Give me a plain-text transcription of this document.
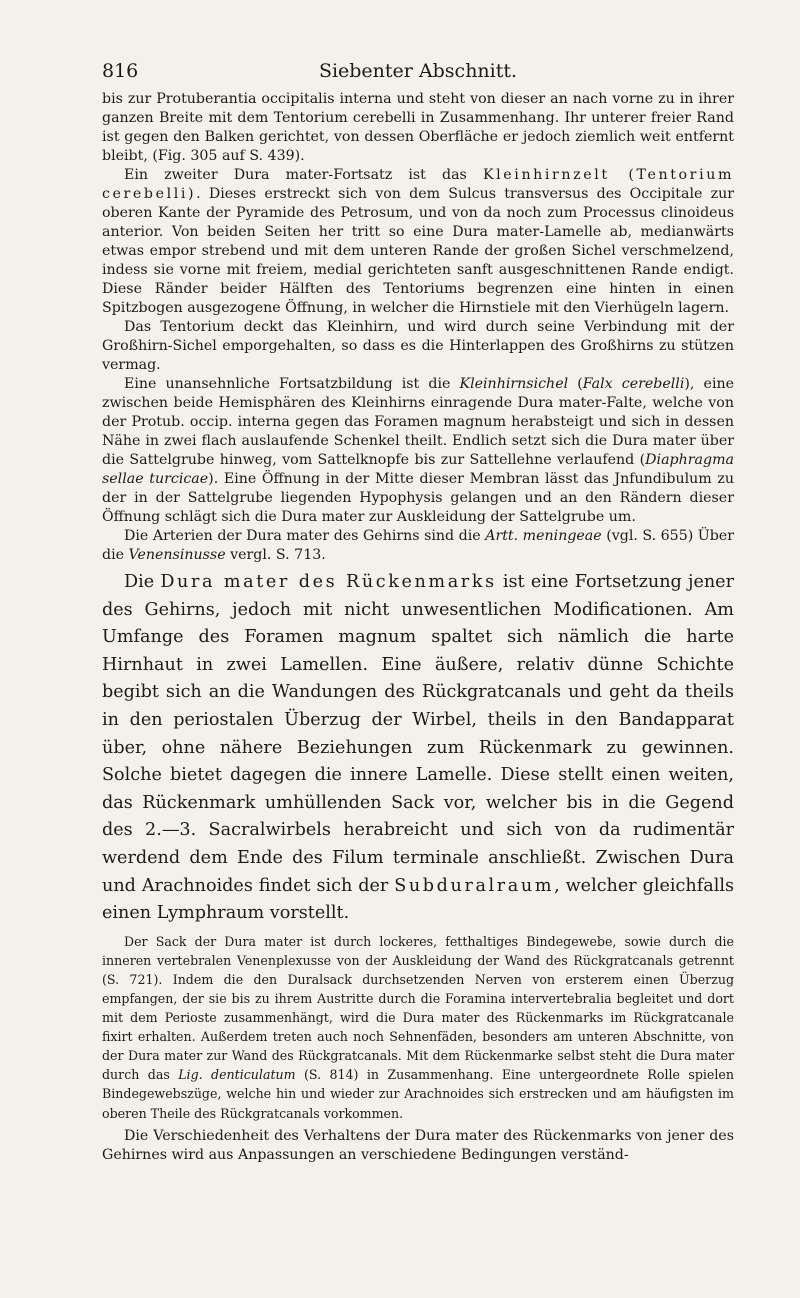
816	Siebenter Abschnitt.

bis zur Protuberantia occipitalis interna und steht von dieser an nach vorne zu in ihrer ganzen Breite mit dem Tentorium cerebelli in Zusammenhang. Ihr unterer freier Rand ist gegen den Balken gerichtet, von dessen Oberfläche er jedoch ziemlich weit entfernt bleibt, (Fig. 305 auf S. 439).

Ein zweiter Dura mater-Fortsatz ist das Kleinhirnzelt (Tentorium cerebelli). Dieses erstreckt sich von dem Sulcus transversus des Occipitale zur oberen Kante der Pyramide des Petrosum, und von da noch zum Processus clinoideus anterior. Von beiden Seiten her tritt so eine Dura mater-Lamelle ab, medianwärts etwas empor strebend und mit dem unteren Rande der großen Sichel verschmelzend, indess sie vorne mit freiem, medial gerichteten sanft ausgeschnittenen Rande endigt. Diese Ränder beider Hälften des Tentoriums begrenzen eine hinten in einen Spitzbogen ausgezogene Öffnung, in welcher die Hirnstiele mit den Vierhügeln lagern.

Das Tentorium deckt das Kleinhirn, und wird durch seine Verbindung mit der Großhirn-Sichel emporgehalten, so dass es die Hinterlappen des Großhirns zu stützen vermag.

Eine unansehnliche Fortsatzbildung ist die Kleinhirnsichel (Falx cerebelli), eine zwischen beide Hemisphären des Kleinhirns einragende Dura mater-Falte, welche von der Protub. occip. interna gegen das Foramen magnum herabsteigt und sich in dessen Nähe in zwei flach auslaufende Schenkel theilt. Endlich setzt sich die Dura mater über die Sattelgrube hinweg, vom Sattelknopfe bis zur Sattellehne verlaufend (Diaphragma sellae turcicae). Eine Öffnung in der Mitte dieser Membran lässt das Jnfundibulum zu der in der Sattelgrube liegenden Hypophysis gelangen und an den Rändern dieser Öffnung schlägt sich die Dura mater zur Auskleidung der Sattelgrube um.

Die Arterien der Dura mater des Gehirns sind die Artt. meningeae (vgl. S. 655) Über die Venensinusse vergl. S. 713.

Die Dura mater des Rückenmarks ist eine Fortsetzung jener des Gehirns, jedoch mit nicht unwesentlichen Modificationen. Am Umfange des Foramen magnum spaltet sich nämlich die harte Hirnhaut in zwei Lamellen. Eine äußere, relativ dünne Schichte begibt sich an die Wandungen des Rückgratcanals und geht da theils in den periostalen Überzug der Wirbel, theils in den Bandapparat über, ohne nähere Beziehungen zum Rückenmark zu gewinnen. Solche bietet dagegen die innere Lamelle. Diese stellt einen weiten, das Rückenmark umhüllenden Sack vor, welcher bis in die Gegend des 2.—3. Sacralwirbels herabreicht und sich von da rudimentär werdend dem Ende des Filum terminale anschließt. Zwischen Dura und Arachnoides findet sich der Subduralraum, welcher gleichfalls einen Lymphraum vorstellt.

Der Sack der Dura mater ist durch lockeres, fetthaltiges Bindegewebe, sowie durch die inneren vertebralen Venenplexusse von der Auskleidung der Wand des Rückgratcanals getrennt (S. 721). Indem die den Duralsack durchsetzenden Nerven von ersterem einen Überzug empfangen, der sie bis zu ihrem Austritte durch die Foramina intervertebralia begleitet und dort mit dem Perioste zusammenhängt, wird die Dura mater des Rückenmarks im Rückgratcanale fixirt erhalten. Außerdem treten auch noch Sehnenfäden, besonders am unteren Abschnitte, von der Dura mater zur Wand des Rückgratcanals. Mit dem Rückenmarke selbst steht die Dura mater durch das Lig. denticulatum (S. 814) in Zusammenhang. Eine untergeordnete Rolle spielen Bindegewebszüge, welche hin und wieder zur Arachnoides sich erstrecken und am häufigsten im oberen Theile des Rückgratcanals vorkommen.

Die Verschiedenheit des Verhaltens der Dura mater des Rückenmarks von jener des Gehirnes wird aus Anpassungen an verschiedene Bedingungen verständ-
